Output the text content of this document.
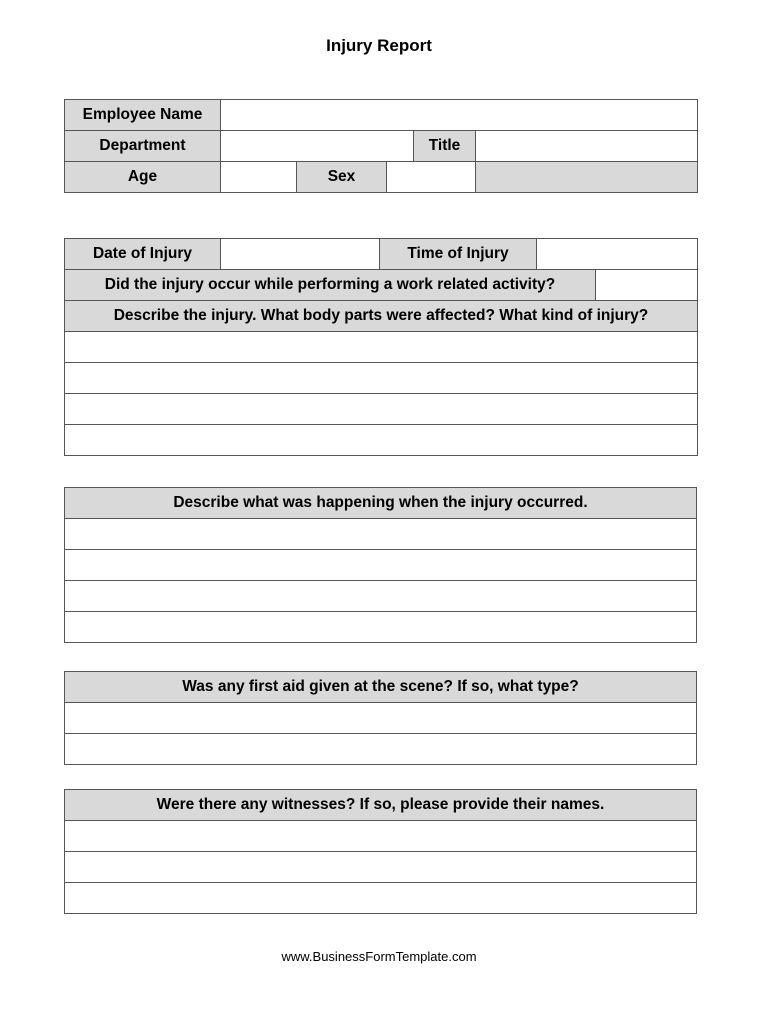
Injury Report
Employee Name					
Department				Title	
Age		Sex			
Date of Injury		Time of Injury		
Did the injury occur while performing a work related activity?				
Describe the injury. What body parts were affected? What kind of injury?				

Describe what was happening when the injury occurred.

Was any first aid given at the scene? If so, what type?

Were there any witnesses? If so, please provide their names.

www.BusinessFormTemplate.com
